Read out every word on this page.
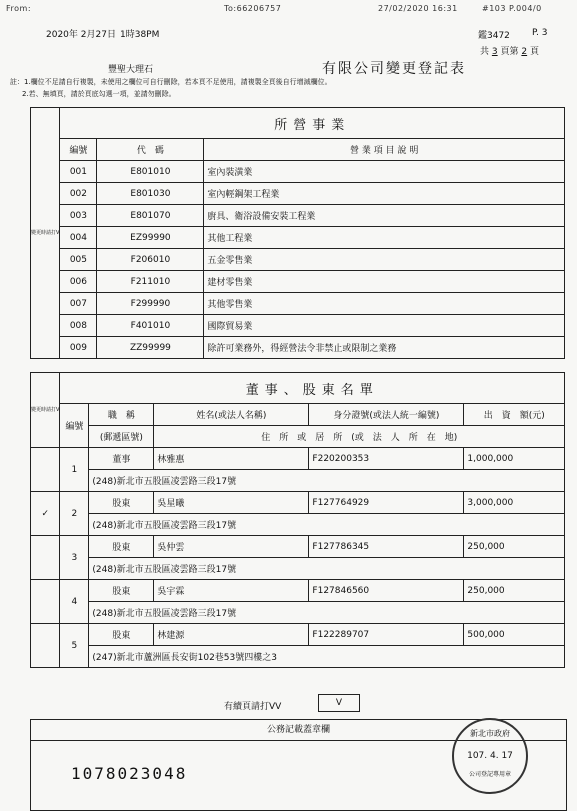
From:	To:66206757	27/02/2020 16:31	#103 P.004/0
2020年 2月27日 1時38PM	鑑3472 P. 3
豐聖大理石	有限公司變更登記表
共 3 頁第 2 頁
註：1.欄位不足請自行複製，未使用之欄位可自行刪除，若本頁不足使用，請複製全頁後自行增減欄位。
2.若、無填頁，請於頁底勾選一項，並請勿刪除。
變更時請打V	所營事業		
	編號	代　碼	營 業 項 目 說 明
	001	E801010	室內裝潢業
	002	E801030	室內輕鋼架工程業
	003	E801070	廚具、衛浴設備安裝工程業
	004	EZ99990	其他工程業
	005	F206010	五金零售業
	006	F211010	建材零售業
	007	F299990	其他零售業
	008	F401010	國際貿易業
	009	ZZ99999	除許可業務外，得經營法令非禁止或限制之業務
變更時請打V	董事、股東名單				
	編號	職　稱	姓名(或法人名稱)	身分證號(或法人統一編號)	出　資　額(元)
		(郵遞區號)	住　所　或　居　所　(或　法　人　所　在　地)		
	1	董事	林雅惠	F220200353	1,000,000
		(248)新北市五股區凌雲路三段17號			
✓	2	股東	吳星曦	F127764929	3,000,000
		(248)新北市五股區凌雲路三段17號			
	3	股東	吳仲雲	F127786345	250,000
		(248)新北市五股區凌雲路三段17號			
	4	股東	吳宇霖	F127846560	250,000
		(248)新北市五股區凌雲路三段17號			
	5	股東	林建源	F122289707	500,000
		(247)新北市蘆洲區長安街102巷53號四樓之3			
有續頁請打VV	V
公務記載蓋章欄
1078023048
新北市政府
107. 4. 17
公司登記專用章
